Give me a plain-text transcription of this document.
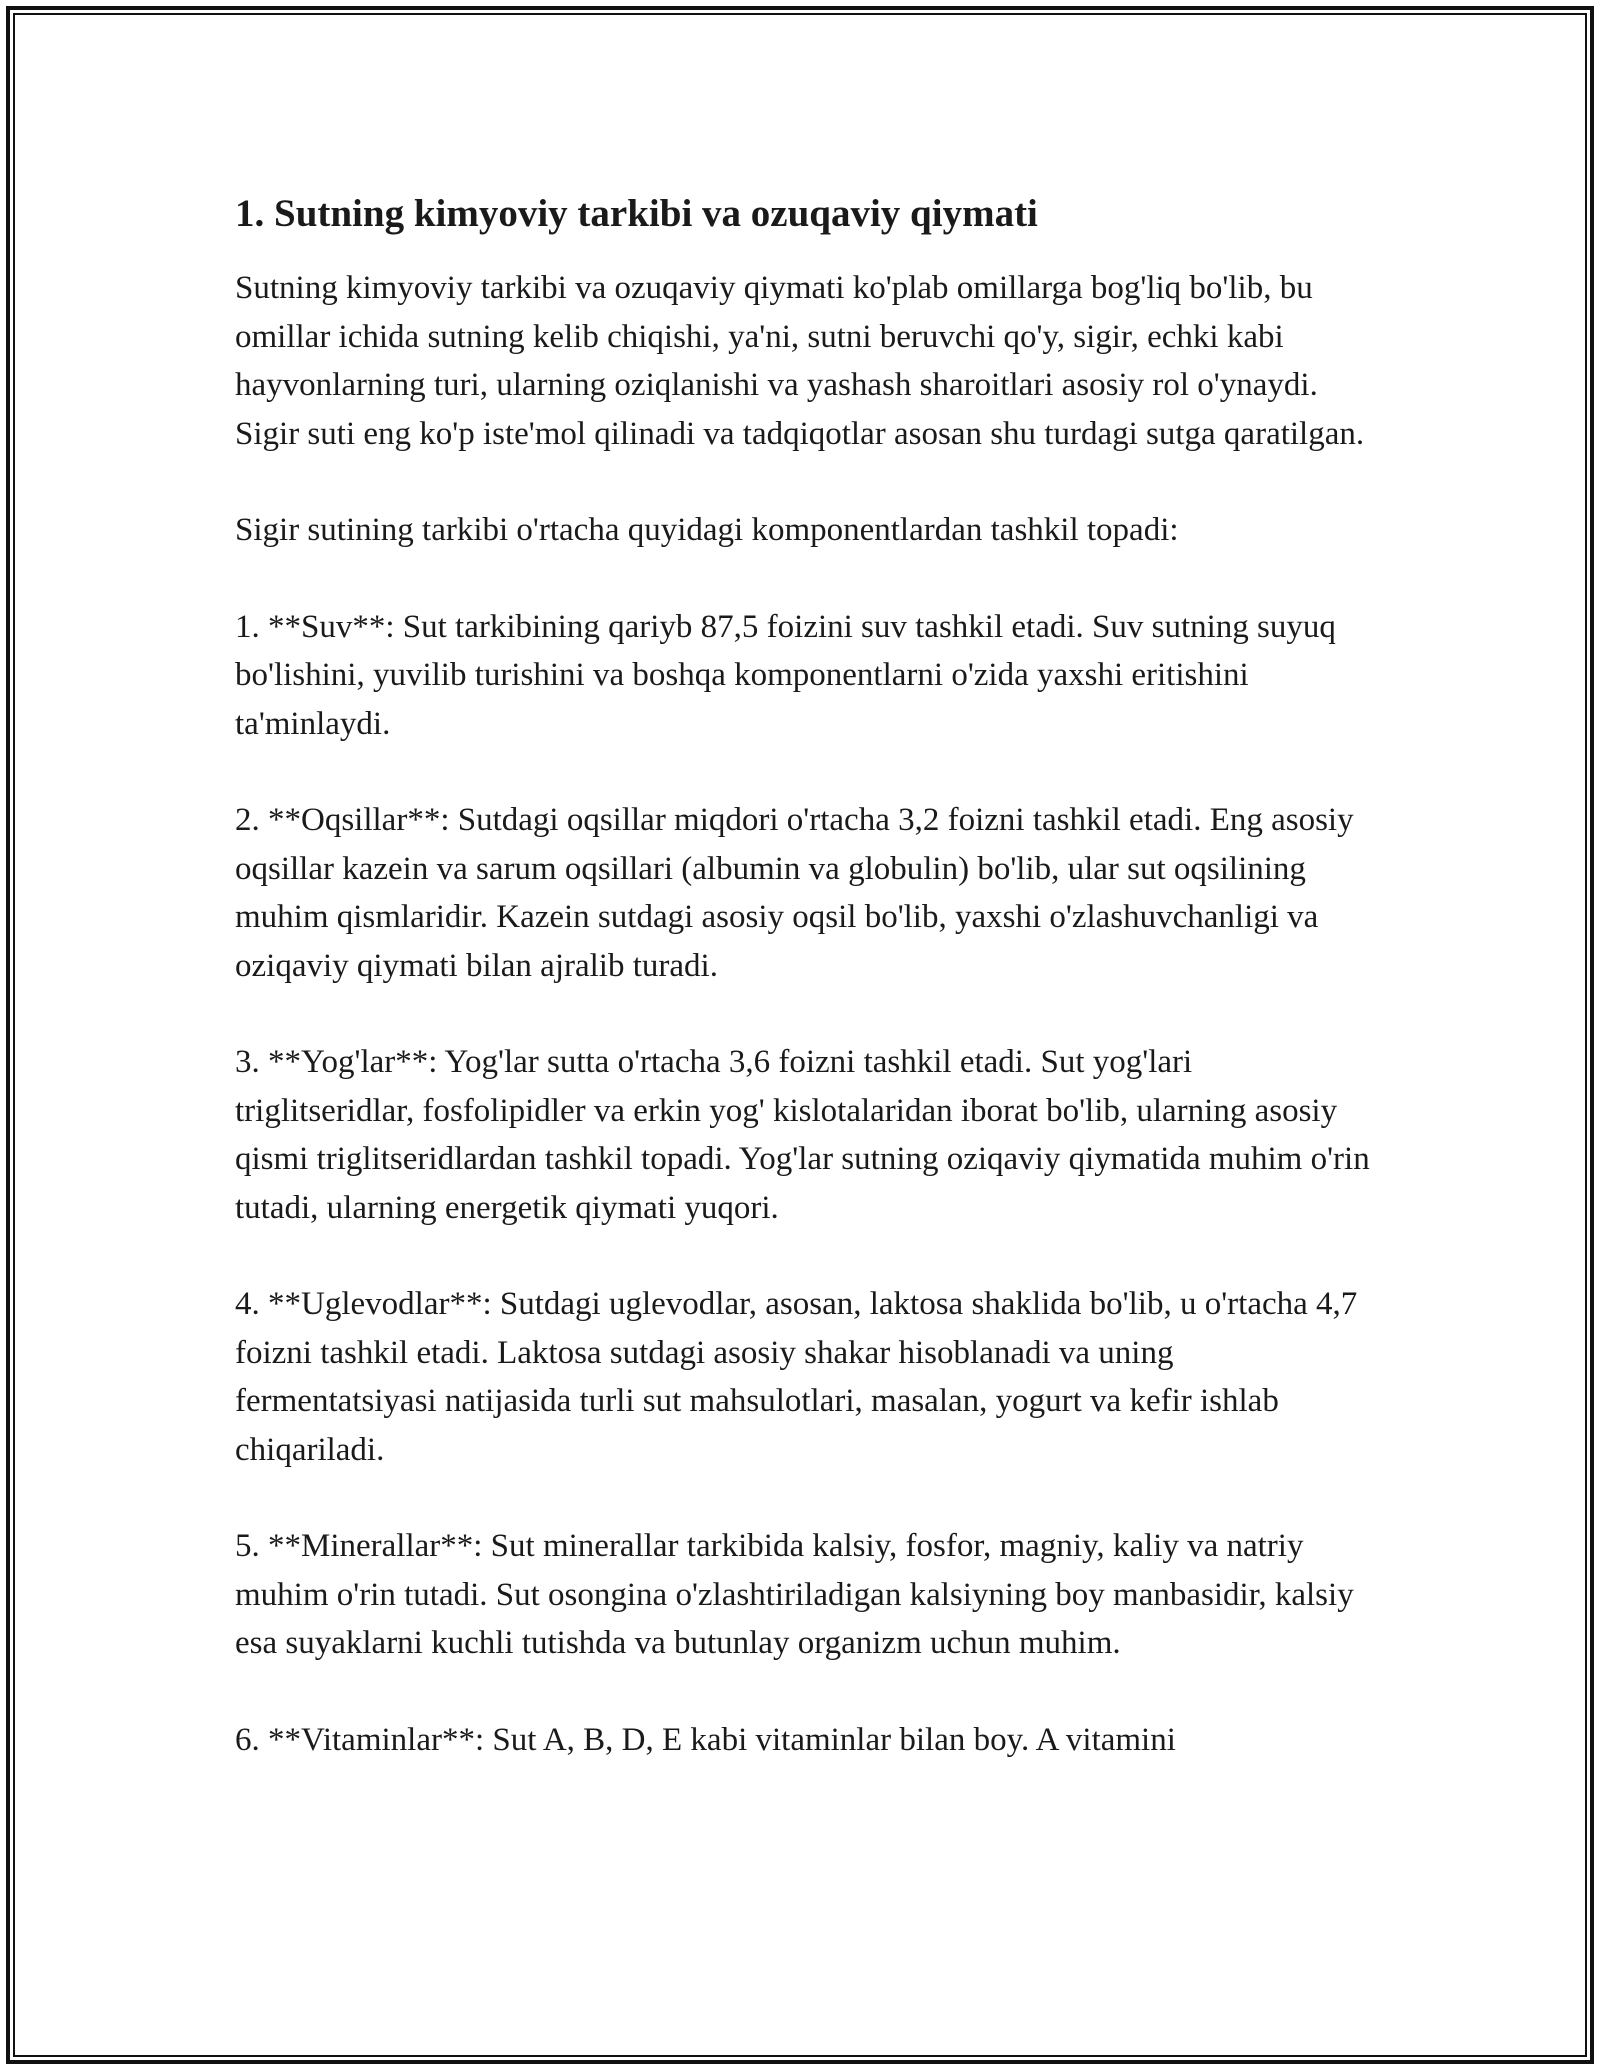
1. Sutning kimyoviy tarkibi va ozuqaviy qiymati

Sutning kimyoviy tarkibi va ozuqaviy qiymati ko'plab omillarga bog'liq bo'lib, bu omillar ichida sutning kelib chiqishi, ya'ni, sutni beruvchi qo'y, sigir, echki kabi hayvonlarning turi, ularning oziqlanishi va yashash sharoitlari asosiy rol o'ynaydi. Sigir suti eng ko'p iste'mol qilinadi va tadqiqotlar asosan shu turdagi sutga qaratilgan.

Sigir sutining tarkibi o'rtacha quyidagi komponentlardan tashkil topadi:

1. **Suv**: Sut tarkibining qariyb 87,5 foizini suv tashkil etadi. Suv sutning suyuq bo'lishini, yuvilib turishini va boshqa komponentlarni o'zida yaxshi eritishini ta'minlaydi.

2. **Oqsillar**: Sutdagi oqsillar miqdori o'rtacha 3,2 foizni tashkil etadi. Eng asosiy oqsillar kazein va sarum oqsillari (albumin va globulin) bo'lib, ular sut oqsilining muhim qismlaridir. Kazein sutdagi asosiy oqsil bo'lib, yaxshi o'zlashuvchanligi va oziqaviy qiymati bilan ajralib turadi.

3. **Yog'lar**: Yog'lar sutta o'rtacha 3,6 foizni tashkil etadi. Sut yog'lari triglitseridlar, fosfolipidler va erkin yog' kislotalaridan iborat bo'lib, ularning asosiy qismi triglitseridlardan tashkil topadi. Yog'lar sutning oziqaviy qiymatida muhim o'rin tutadi, ularning energetik qiymati yuqori.

4. **Uglevodlar**: Sutdagi uglevodlar, asosan, laktosa shaklida bo'lib, u o'rtacha 4,7 foizni tashkil etadi. Laktosa sutdagi asosiy shakar hisoblanadi va uning fermentatsiyasi natijasida turli sut mahsulotlari, masalan, yogurt va kefir ishlab chiqariladi.

5. **Minerallar**: Sut minerallar tarkibida kalsiy, fosfor, magniy, kaliy va natriy muhim o'rin tutadi. Sut osongina o'zlashtiriladigan kalsiyning boy manbasidir, kalsiy esa suyaklarni kuchli tutishda va butunlay organizm uchun muhim.

6. **Vitaminlar**: Sut A, B, D, E kabi vitaminlar bilan boy. A vitamini
